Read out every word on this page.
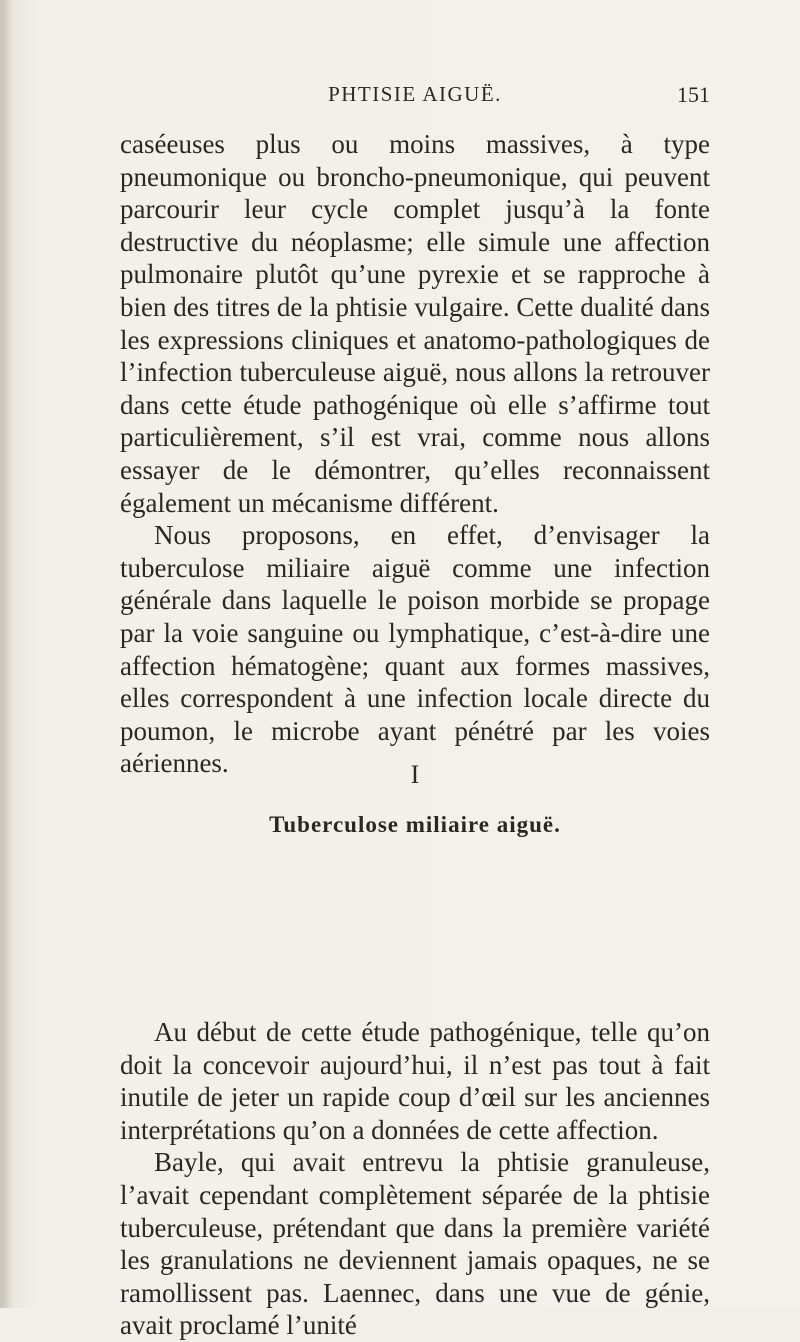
PHTISIE AIGUË.	151

caséeuses plus ou moins massives, à type pneumonique ou broncho-pneumonique, qui peuvent parcourir leur cycle complet jusqu’à la fonte destructive du néoplasme; elle simule une affection pulmonaire plutôt qu’une pyrexie et se rapproche à bien des titres de la phtisie vulgaire. Cette dualité dans les expressions cliniques et anatomo-pathologiques de l’infection tuberculeuse aiguë, nous allons la retrouver dans cette étude pathogénique où elle s’affirme tout particulièrement, s’il est vrai, comme nous allons essayer de le démontrer, qu’elles reconnaissent également un mécanisme différent.

Nous proposons, en effet, d’envisager la tuberculose miliaire aiguë comme une infection générale dans laquelle le poison morbide se propage par la voie sanguine ou lymphatique, c’est-à-dire une affection hématogène; quant aux formes massives, elles correspondent à une infection locale directe du poumon, le microbe ayant pénétré par les voies aériennes.	I
Tuberculose miliaire aiguë.

Au début de cette étude pathogénique, telle qu’on doit la concevoir aujourd’hui, il n’est pas tout à fait inutile de jeter un rapide coup d’œil sur les anciennes interprétations qu’on a données de cette affection.

Bayle, qui avait entrevu la phtisie granuleuse, l’avait cependant complètement séparée de la phtisie tuberculeuse, prétendant que dans la première variété les granulations ne deviennent jamais opaques, ne se ramollissent pas. Laennec, dans une vue de génie, avait proclamé l’unité
